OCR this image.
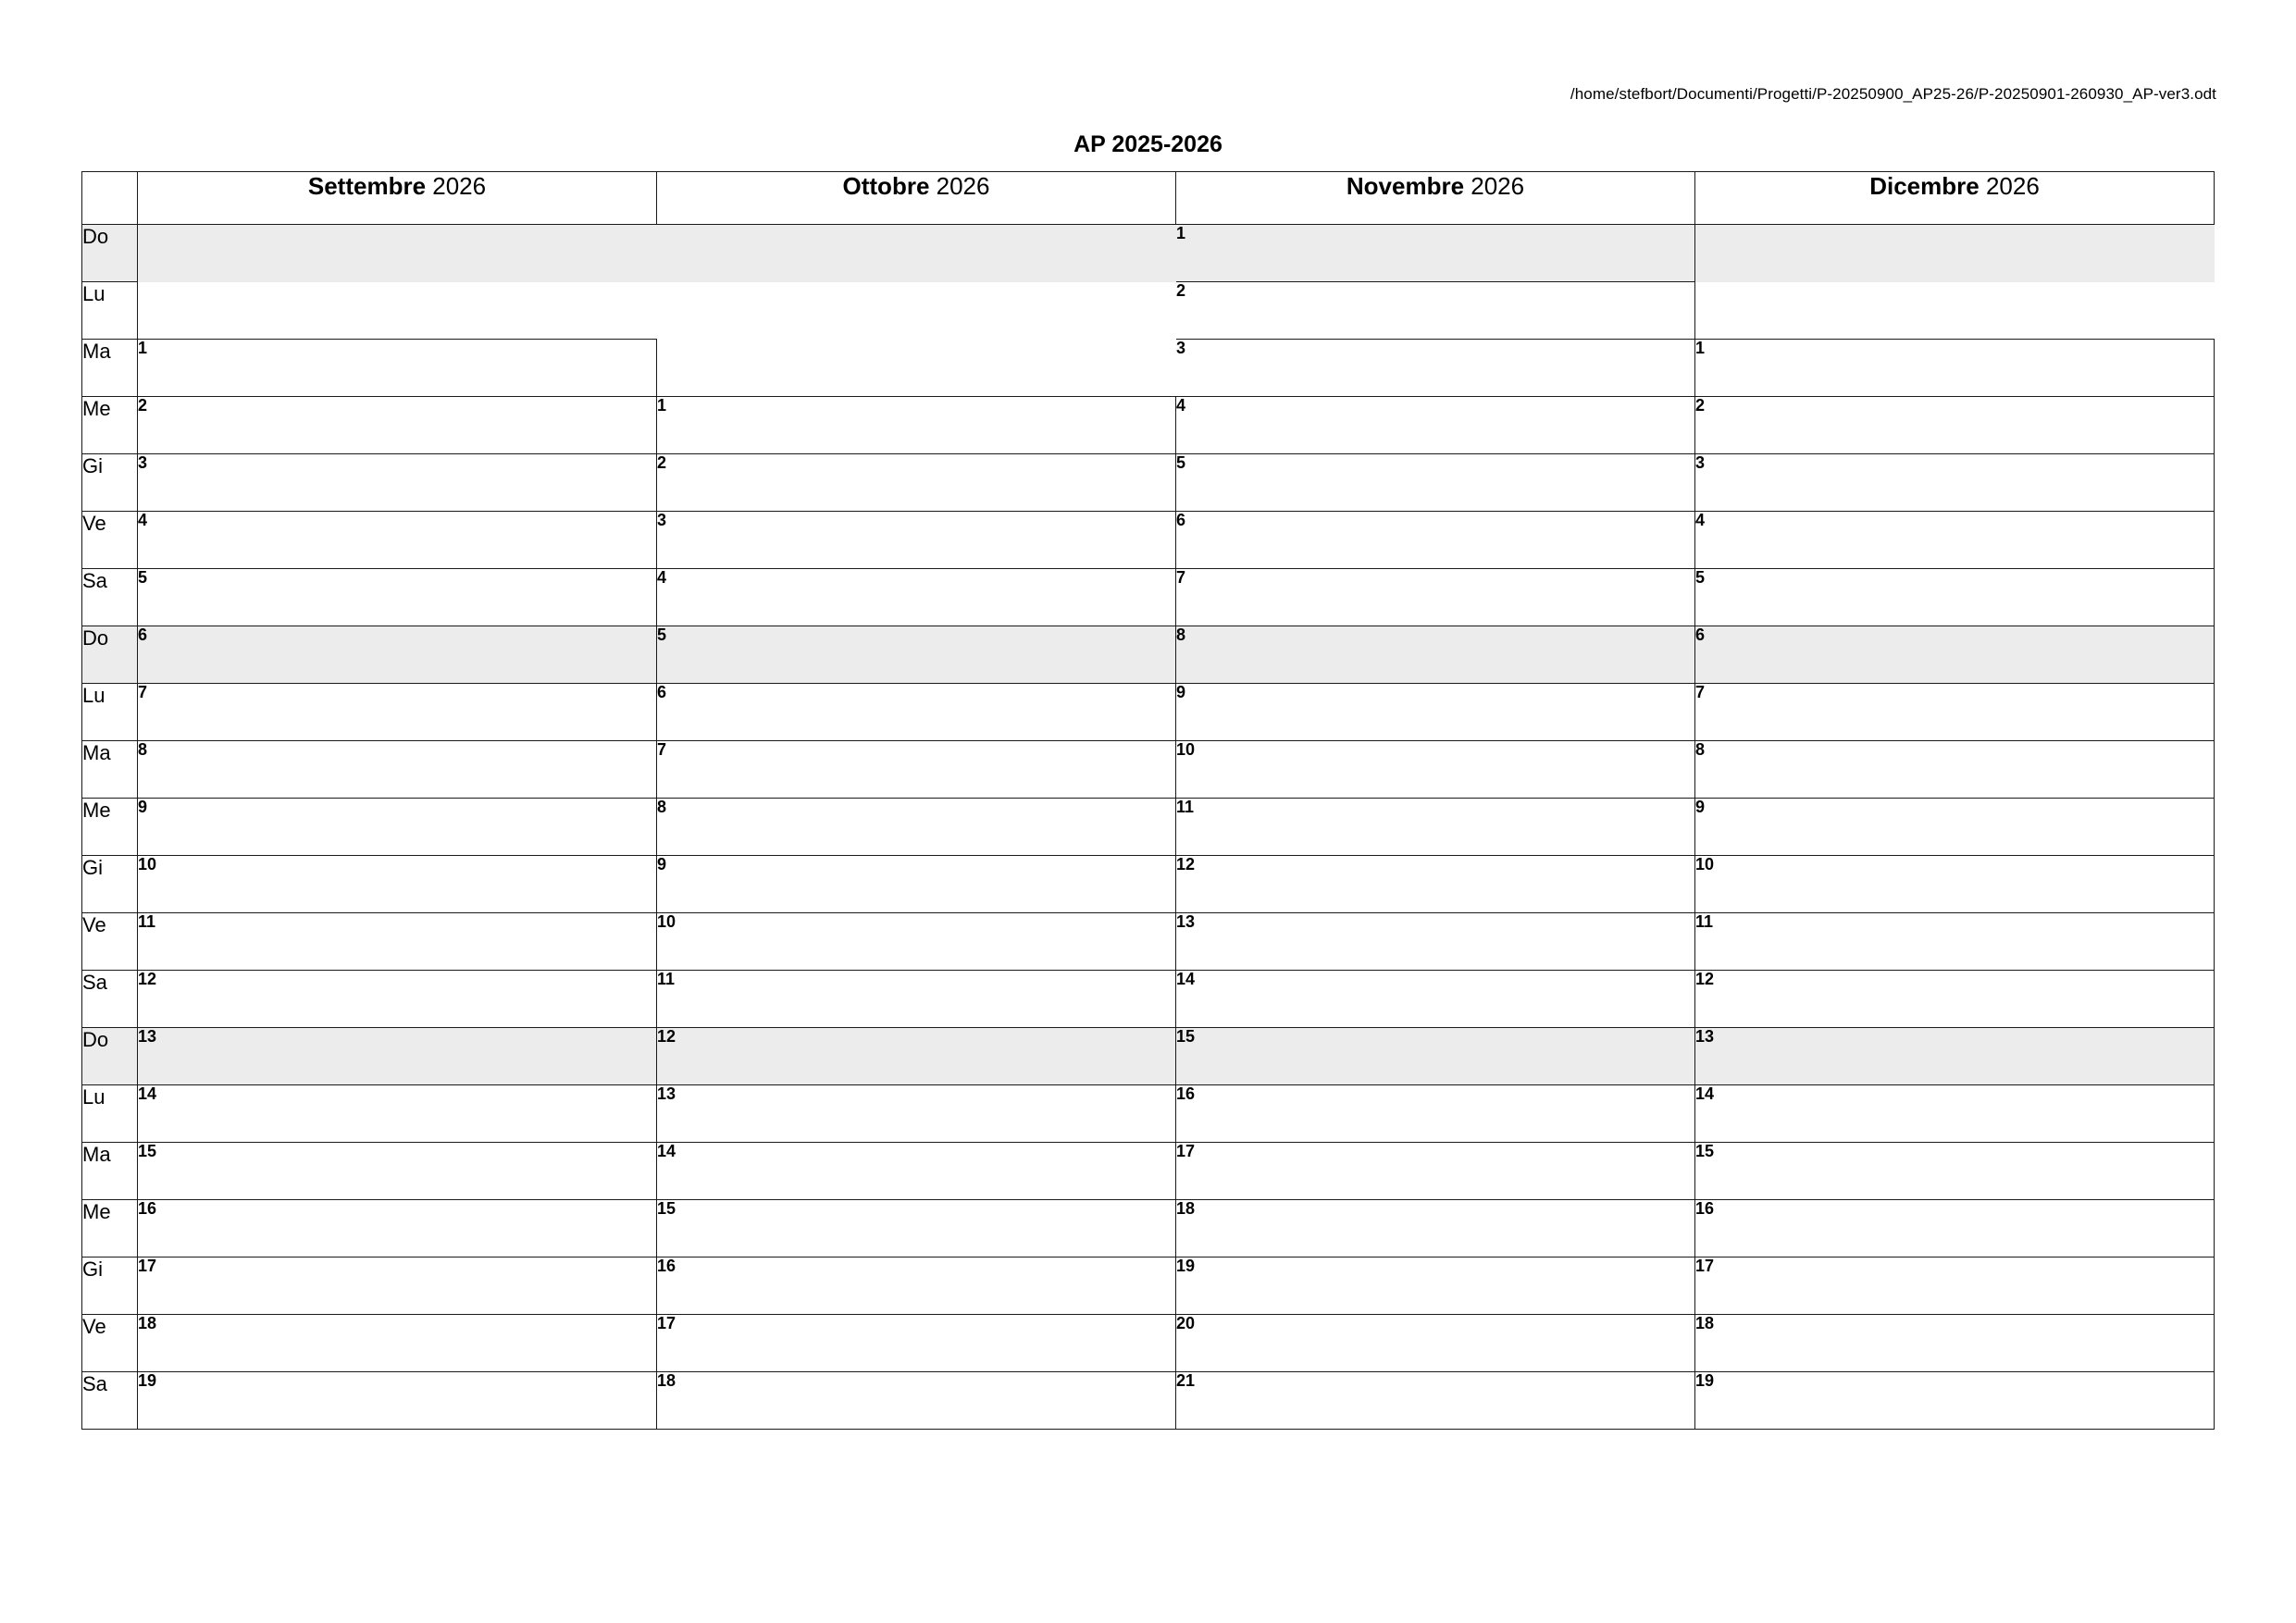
/home/stefbort/Documenti/Progetti/P-20250900_AP25-26/P-20250901-260930_AP-ver3.odt
AP 2025-2026
	Settembre 2026	Ottobre 2026	Novembre 2026	Dicembre 2026
Do			1	
Lu			2	
Ma	1		3	1
Me	2	1	4	2
Gi	3	2	5	3
Ve	4	3	6	4
Sa	5	4	7	5
Do	6	5	8	6
Lu	7	6	9	7
Ma	8	7	10	8
Me	9	8	11	9
Gi	10	9	12	10
Ve	11	10	13	11
Sa	12	11	14	12
Do	13	12	15	13
Lu	14	13	16	14
Ma	15	14	17	15
Me	16	15	18	16
Gi	17	16	19	17
Ve	18	17	20	18
Sa	19	18	21	19
